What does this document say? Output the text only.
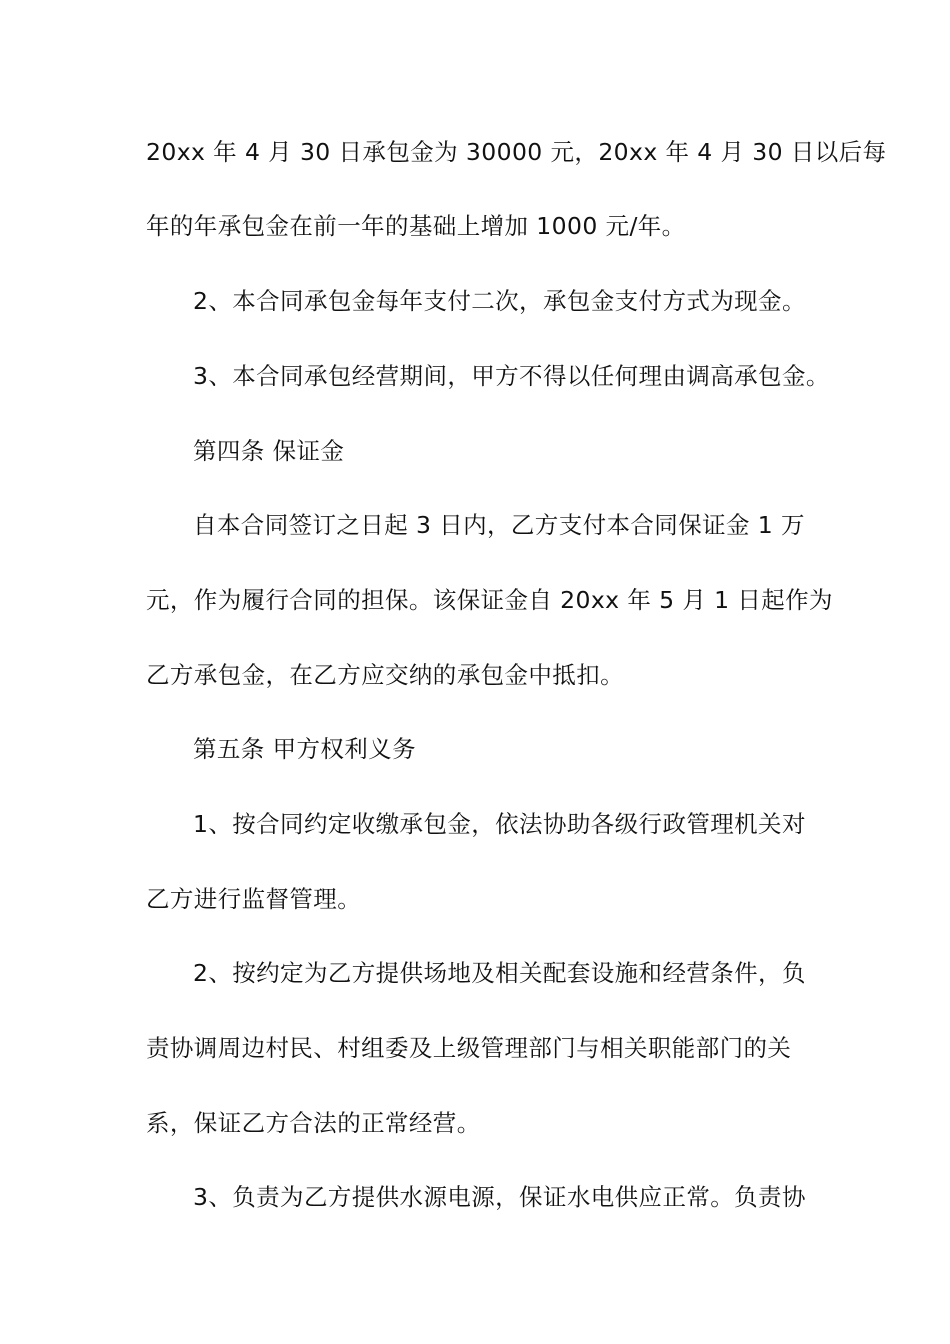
20xx 年 4 月 30 日承包金为 30000 元，20xx 年 4 月 30 日以后每
年的年承包金在前一年的基础上增加 1000 元/年。
2、本合同承包金每年支付二次，承包金支付方式为现金。
3、本合同承包经营期间，甲方不得以任何理由调高承包金。
第四条 保证金
自本合同签订之日起 3 日内，乙方支付本合同保证金 1 万
元，作为履行合同的担保。该保证金自 20xx 年 5 月 1 日起作为
乙方承包金，在乙方应交纳的承包金中抵扣。
第五条 甲方权利义务
1、按合同约定收缴承包金，依法协助各级行政管理机关对
乙方进行监督管理。
2、按约定为乙方提供场地及相关配套设施和经营条件，负
责协调周边村民、村组委及上级管理部门与相关职能部门的关
系，保证乙方合法的正常经营。
3、负责为乙方提供水源电源，保证水电供应正常。负责协
